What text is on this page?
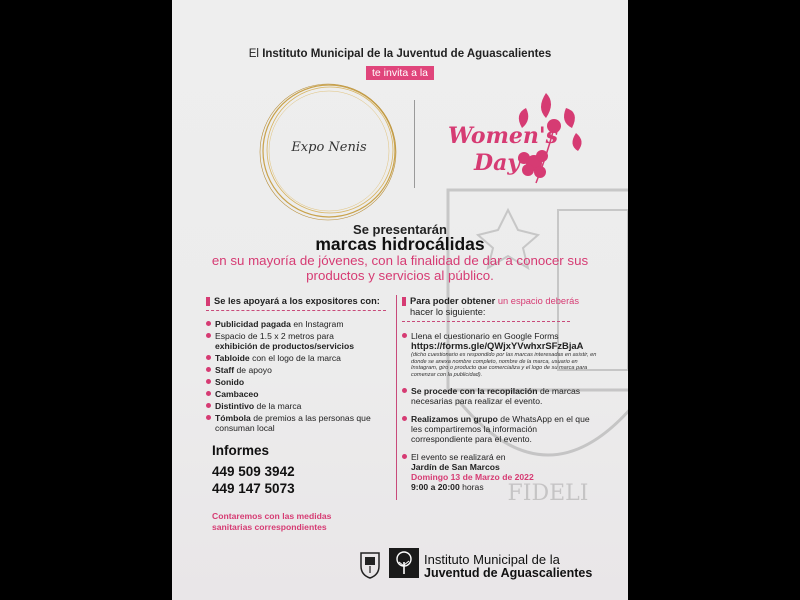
FIDELI
El Instituto Municipal de la Juventud de Aguascalientes
te invita a la
Expo Nenis	Women's
Day
Se presentarán
marcas hidrocálidas
en su mayoría de jóvenes, con la finalidad de dar a conocer sus productos y servicios al público.
Se les apoyará a los expositores con:
Publicidad pagada en Instagram
Espacio de 1.5 x 2 metros para
exhibición de productos/servicios
Tabloide con el logo de la marca
Staff de apoyo
Sonido
Cambaceo
Distintivo de la marca
Tómbola de premios a las personas que consuman local
Informes
449 509 3942
449 147 5073
Contaremos con las medidas sanitarias correspondientes
Para poder obtener un espacio deberás
hacer lo siguiente:
Llena el cuestionario en Google Forms
https://forms.gle/QWjxYVwhxrSFzBjaA
(dicho cuestionario es respondido por las marcas interesadas en asistir, en donde se anexa nombre completo, nombre de la marca, usuario en Instagram, giro o producto que comercializa y el logo de su marca para comenzar con la publicidad).
Se procede con la recopilación de marcas necesarias para realizar el evento.
Realizamos un grupo de WhatsApp en el que les compartiremos la información correspondiente para el evento.
El evento se realizará en
Jardín de San Marcos
Domingo 13 de Marzo de 2022
9:00 a 20:00 horas
Instituto Municipal de la
Juventud de Aguascalientes
